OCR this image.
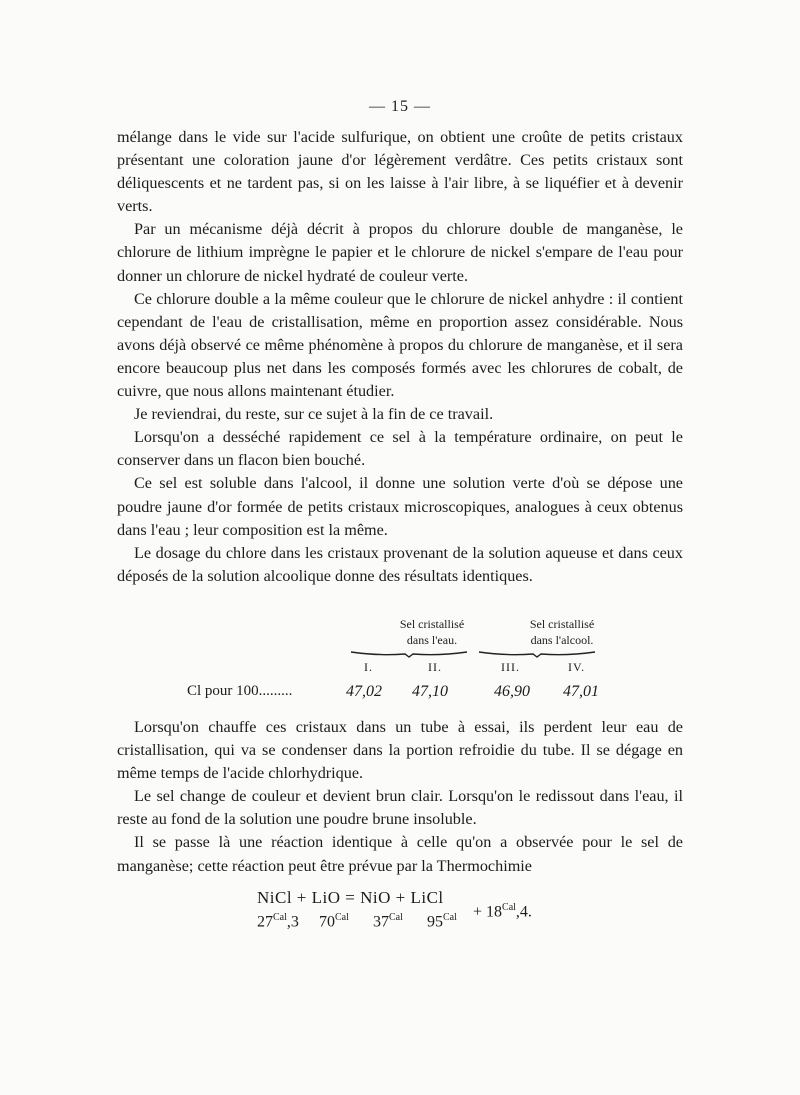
— 15 —

mélange dans le vide sur l'acide sulfurique, on obtient une croûte de petits cristaux présentant une coloration jaune d'or légèrement verdâtre. Ces petits cristaux sont déliquescents et ne tardent pas, si on les laisse à l'air libre, à se liquéfier et à devenir verts.

Par un mécanisme déjà décrit à propos du chlorure double de manganèse, le chlorure de lithium imprègne le papier et le chlorure de nickel s'empare de l'eau pour donner un chlorure de nickel hydraté de couleur verte.

Ce chlorure double a la même couleur que le chlorure de nickel anhydre : il contient cependant de l'eau de cristallisation, même en proportion assez considérable. Nous avons déjà observé ce même phénomène à propos du chlorure de manganèse, et il sera encore beaucoup plus net dans les composés formés avec les chlorures de cobalt, de cuivre, que nous allons maintenant étudier.

Je reviendrai, du reste, sur ce sujet à la fin de ce travail.

Lorsqu'on a desséché rapidement ce sel à la température ordinaire, on peut le conserver dans un flacon bien bouché.

Ce sel est soluble dans l'alcool, il donne une solution verte d'où se dépose une poudre jaune d'or formée de petits cristaux microscopiques, analogues à ceux obtenus dans l'eau ; leur composition est la même.

Le dosage du chlore dans les cristaux provenant de la solution aqueuse et dans ceux déposés de la solution alcoolique donne des résultats identiques.

Sel cristallisé
dans l'eau.
Sel cristallisé
dans l'alcool.
I.	II.	III.	IV.
Cl pour 100.........	47,02 47,10	46,90 47,01

Lorsqu'on chauffe ces cristaux dans un tube à essai, ils perdent leur eau de cristallisation, qui va se condenser dans la portion refroidie du tube. Il se dégage en même temps de l'acide chlorhydrique.

Le sel change de couleur et devient brun clair. Lorsqu'on le redissout dans l'eau, il reste au fond de la solution une poudre brune insoluble.

Il se passe là une réaction identique à celle qu'on a observée pour le sel de manganèse; cette réaction peut être prévue par la Thermochimie

NiCl + LiO = NiO + LiCl
$27^{Cal},3$ $70^{Cal}$ $37^{Cal}$ $95^{Cal} + 18^{Cal},4$.
